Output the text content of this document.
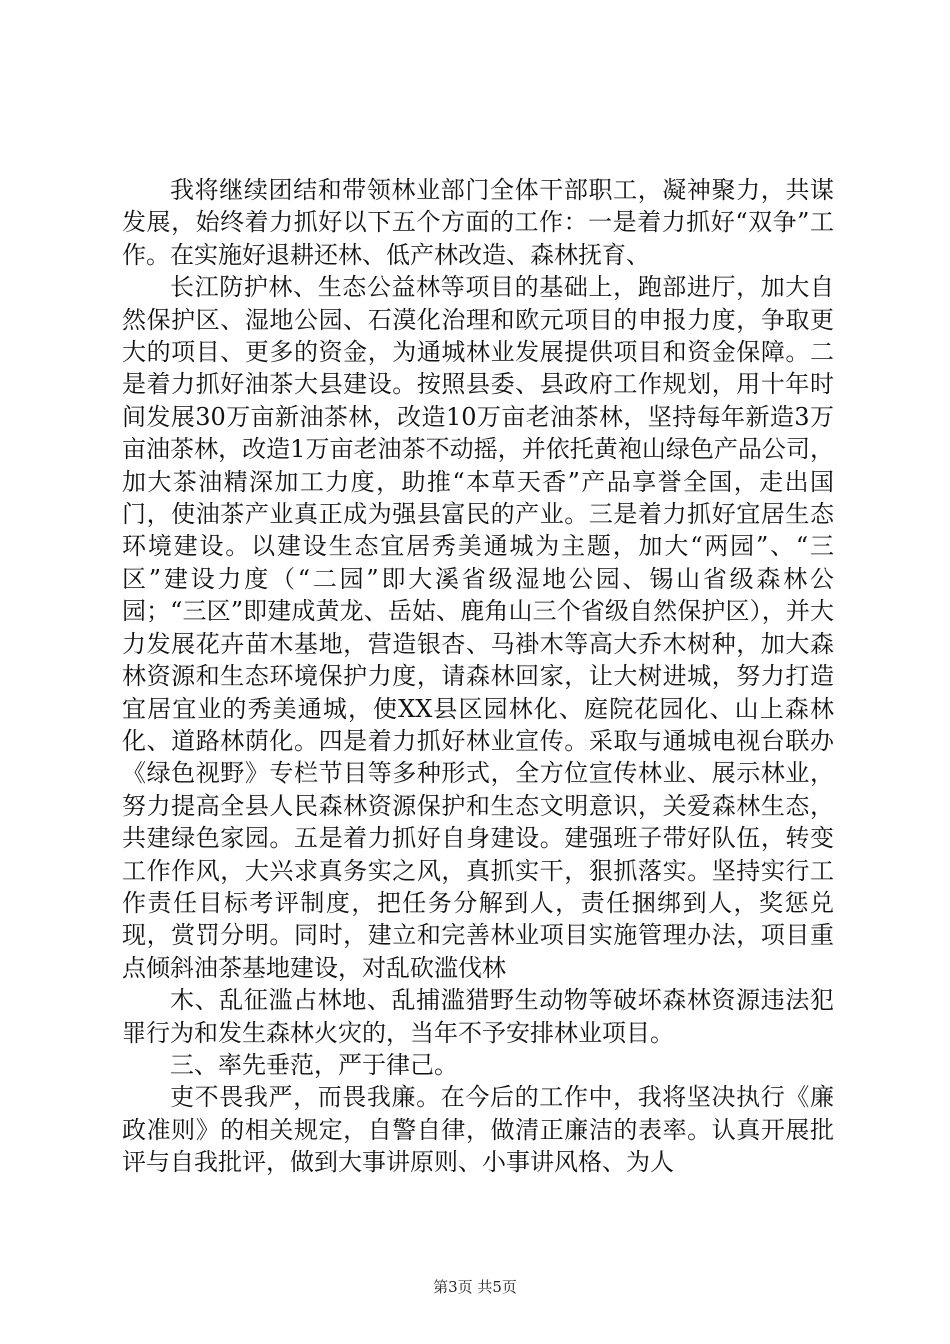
我将继续团结和带领林业部门全体干部职工，凝神聚力，共谋发展，始终着力抓好以下五个方面的工作：一是着力抓好“双争”工作。在实施好退耕还林、低产林改造、森林抚育、

长江防护林、生态公益林等项目的基础上，跑部进厅，加大自然保护区、湿地公园、石漠化治理和欧元项目的申报力度，争取更大的项目、更多的资金，为通城林业发展提供项目和资金保障。二是着力抓好油茶大县建设。按照县委、县政府工作规划，用十年时间发展30万亩新油茶林，改造10万亩老油茶林，坚持每年新造3万亩油茶林，改造1万亩老油茶不动摇，并依托黄袍山绿色产品公司，加大茶油精深加工力度，助推“本草天香”产品享誉全国，走出国门，使油茶产业真正成为强县富民的产业。三是着力抓好宜居生态环境建设。以建设生态宜居秀美通城为主题，加大“两园”、“三区”建设力度（“二园”即大溪省级湿地公园、锡山省级森林公园；“三区”即建成黄龙、岳姑、鹿角山三个省级自然保护区），并大力发展花卉苗木基地，营造银杏、马褂木等高大乔木树种，加大森林资源和生态环境保护力度，请森林回家，让大树进城，努力打造宜居宜业的秀美通城，使XX县区园林化、庭院花园化、山上森林化、道路林荫化。四是着力抓好林业宣传。采取与通城电视台联办《绿色视野》专栏节目等多种形式，全方位宣传林业、展示林业，努力提高全县人民森林资源保护和生态文明意识，关爱森林生态，共建绿色家园。五是着力抓好自身建设。建强班子带好队伍，转变工作作风，大兴求真务实之风，真抓实干，狠抓落实。坚持实行工作责任目标考评制度，把任务分解到人，责任捆绑到人，奖惩兑现，赏罚分明。同时，建立和完善林业项目实施管理办法，项目重点倾斜油茶基地建设，对乱砍滥伐林

木、乱征滥占林地、乱捕滥猎野生动物等破坏森林资源违法犯罪行为和发生森林火灾的，当年不予安排林业项目。

三、率先垂范，严于律己。

吏不畏我严，而畏我廉。在今后的工作中，我将坚决执行《廉政准则》的相关规定，自警自律，做清正廉洁的表率。认真开展批评与自我批评，做到大事讲原则、小事讲风格、为人

第3页 共5页
